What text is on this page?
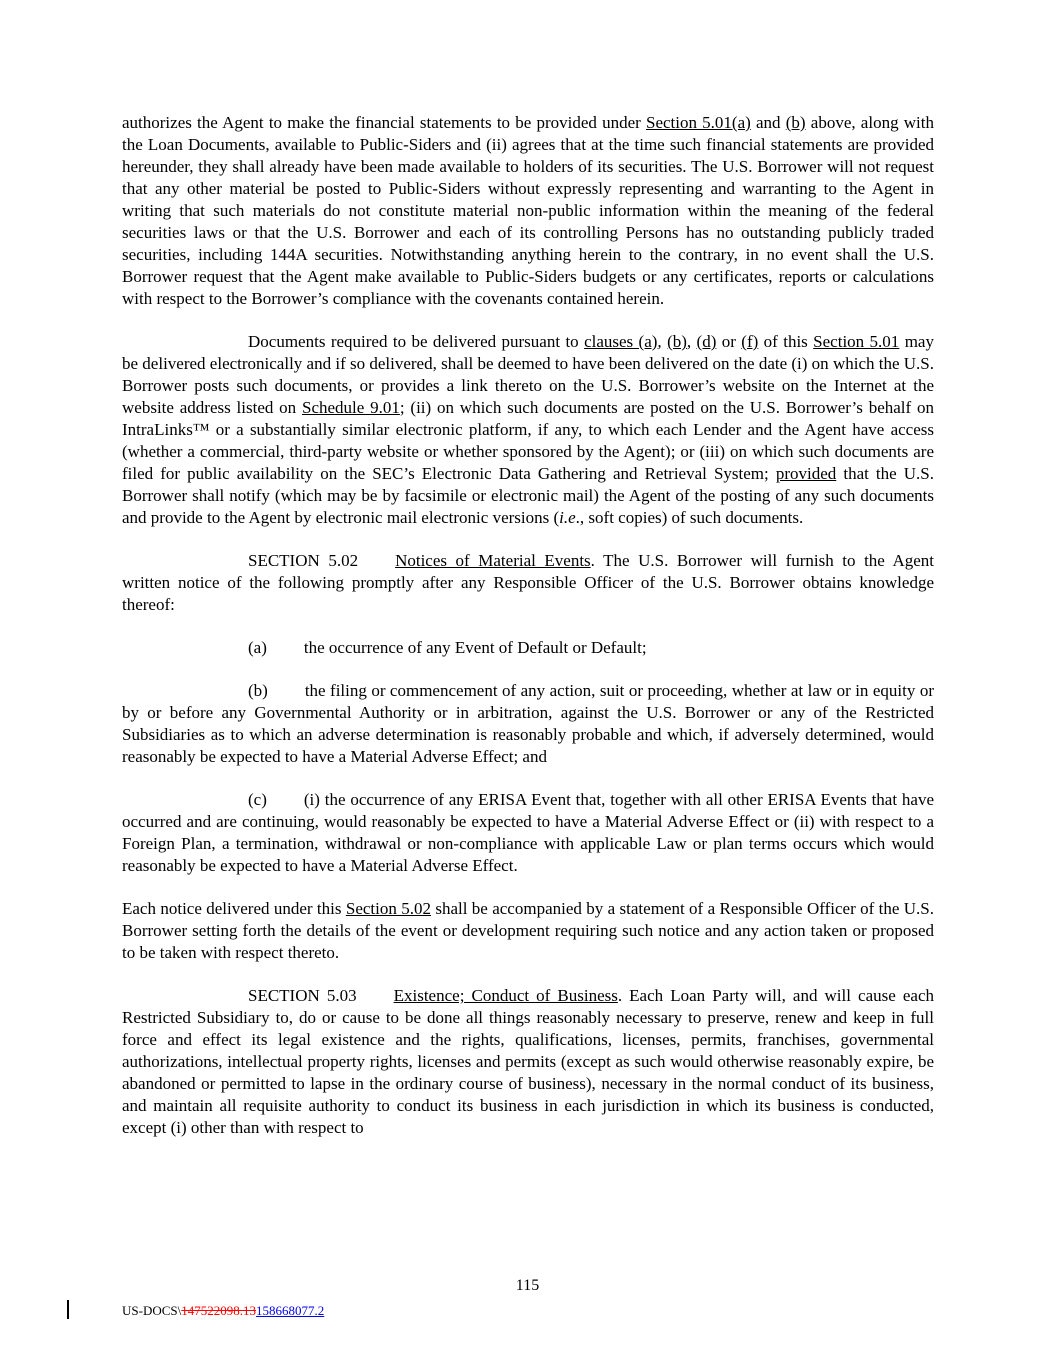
authorizes the Agent to make the financial statements to be provided under Section 5.01(a) and (b) above, along with the Loan Documents, available to Public-Siders and (ii) agrees that at the time such financial statements are provided hereunder, they shall already have been made available to holders of its securities. The U.S. Borrower will not request that any other material be posted to Public-Siders without expressly representing and warranting to the Agent in writing that such materials do not constitute material non-public information within the meaning of the federal securities laws or that the U.S. Borrower and each of its controlling Persons has no outstanding publicly traded securities, including 144A securities. Notwithstanding anything herein to the contrary, in no event shall the U.S. Borrower request that the Agent make available to Public-Siders budgets or any certificates, reports or calculations with respect to the Borrower’s compliance with the covenants contained herein.

Documents required to be delivered pursuant to clauses (a), (b), (d) or (f) of this Section 5.01 may be delivered electronically and if so delivered, shall be deemed to have been delivered on the date (i) on which the U.S. Borrower posts such documents, or provides a link thereto on the U.S. Borrower’s website on the Internet at the website address listed on Schedule 9.01; (ii) on which such documents are posted on the U.S. Borrower’s behalf on IntraLinks™ or a substantially similar electronic platform, if any, to which each Lender and the Agent have access (whether a commercial, third-party website or whether sponsored by the Agent); or (iii) on which such documents are filed for public availability on the SEC’s Electronic Data Gathering and Retrieval System; provided that the U.S. Borrower shall notify (which may be by facsimile or electronic mail) the Agent of the posting of any such documents and provide to the Agent by electronic mail electronic versions (i.e., soft copies) of such documents.

SECTION 5.02 Notices of Material Events. The U.S. Borrower will furnish to the Agent written notice of the following promptly after any Responsible Officer of the U.S. Borrower obtains knowledge thereof:

(a) the occurrence of any Event of Default or Default;

(b) the filing or commencement of any action, suit or proceeding, whether at law or in equity or by or before any Governmental Authority or in arbitration, against the U.S. Borrower or any of the Restricted Subsidiaries as to which an adverse determination is reasonably probable and which, if adversely determined, would reasonably be expected to have a Material Adverse Effect; and

(c) (i) the occurrence of any ERISA Event that, together with all other ERISA Events that have occurred and are continuing, would reasonably be expected to have a Material Adverse Effect or (ii) with respect to a Foreign Plan, a termination, withdrawal or non-compliance with applicable Law or plan terms occurs which would reasonably be expected to have a Material Adverse Effect.

Each notice delivered under this Section 5.02 shall be accompanied by a statement of a Responsible Officer of the U.S. Borrower setting forth the details of the event or development requiring such notice and any action taken or proposed to be taken with respect thereto.

SECTION 5.03 Existence; Conduct of Business. Each Loan Party will, and will cause each Restricted Subsidiary to, do or cause to be done all things reasonably necessary to preserve, renew and keep in full force and effect its legal existence and the rights, qualifications, licenses, permits, franchises, governmental authorizations, intellectual property rights, licenses and permits (except as such would otherwise reasonably expire, be abandoned or permitted to lapse in the ordinary course of business), necessary in the normal conduct of its business, and maintain all requisite authority to conduct its business in each jurisdiction in which its business is conducted, except (i) other than with respect to

115
US-DOCS\147522098.13158668077.2
